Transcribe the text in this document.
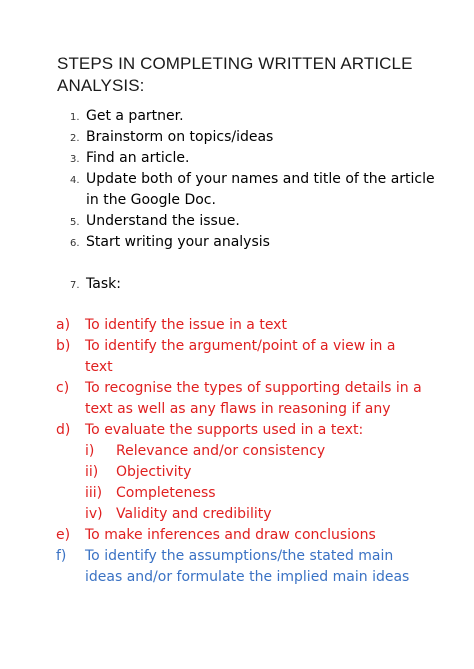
STEPS IN COMPLETING WRITTEN ARTICLE ANALYSIS:
1. Get a partner.
2. Brainstorm on topics/ideas
3. Find an article.
4. Update both of your names and title of the article
in the Google Doc.
5. Understand the issue.
6. Start writing your analysis
7. Task:
a) To identify the issue in a text
b) To identify the argument/point of a view in a
text
c) To recognise the types of supporting details in a
text as well as any flaws in reasoning if any
d) To evaluate the supports used in a text:
i) Relevance and/or consistency
ii) Objectivity
iii) Completeness
iv) Validity and credibility
e) To make inferences and draw conclusions
f) To identify the assumptions/the stated main
ideas and/or formulate the implied main ideas
